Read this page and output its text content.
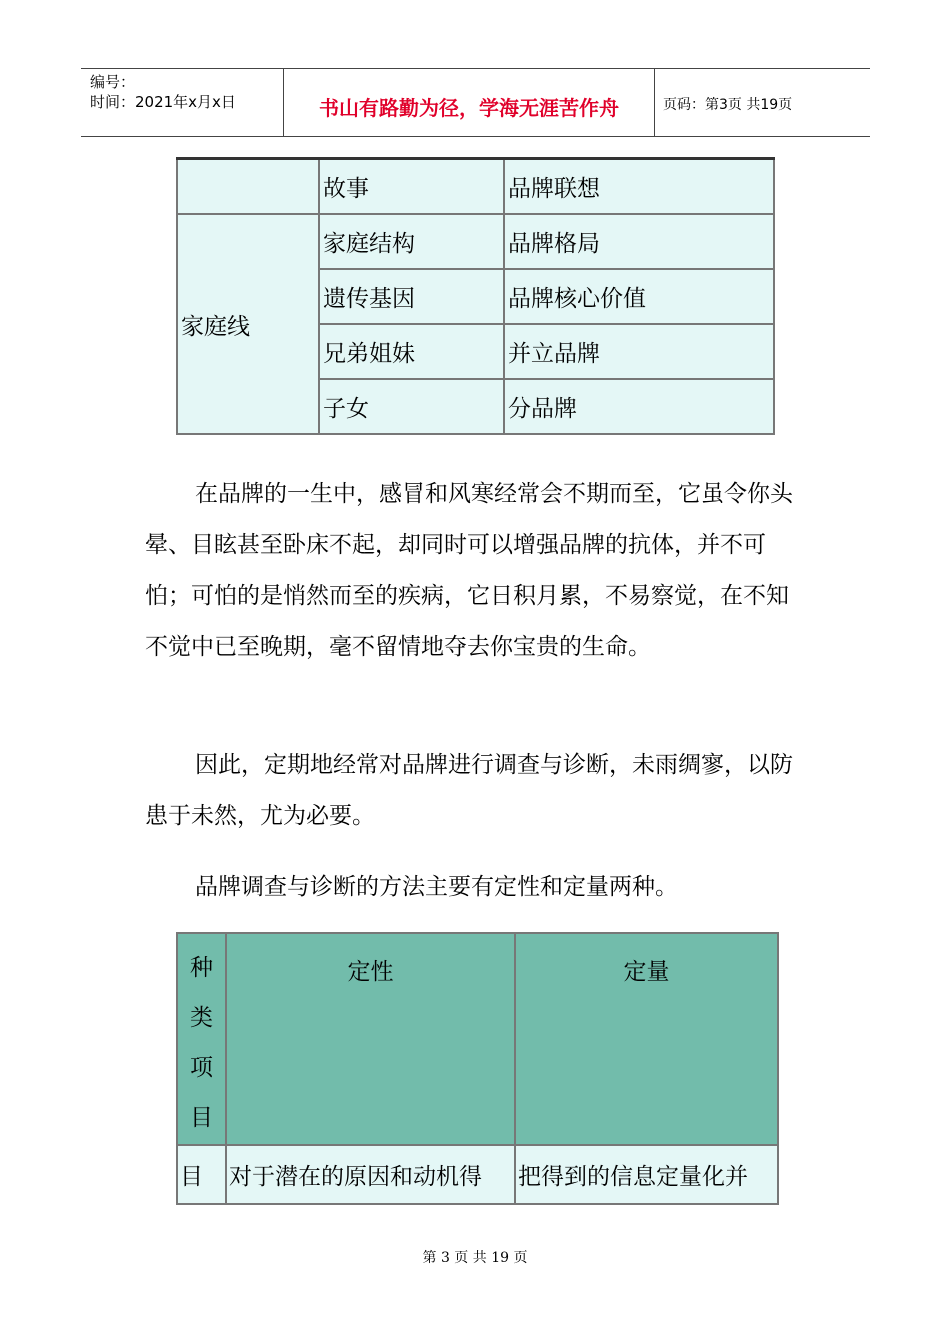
编号：
时间：2021年x月x日	书山有路勤为径，学海无涯苦作舟	页码：第3页 共19页
	故事	品牌联想
家庭线	家庭结构	品牌格局
	遗传基因	品牌核心价值
	兄弟姐妹	并立品牌
	子女	分品牌

在品牌的一生中，感冒和风寒经常会不期而至，它虽令你头晕、目眩甚至卧床不起，却同时可以增强品牌的抗体，并不可怕；可怕的是悄然而至的疾病，它日积月累，不易察觉，在不知不觉中已至晚期，毫不留情地夺去你宝贵的生命。

因此，定期地经常对品牌进行调查与诊断，未雨绸寥，以防患于未然，尤为必要。

品牌调查与诊断的方法主要有定性和定量两种。

种
类
项
目	定性	定量

目	对于潜在的原因和动机得	把得到的信息定量化并
第 3 页 共 19 页
